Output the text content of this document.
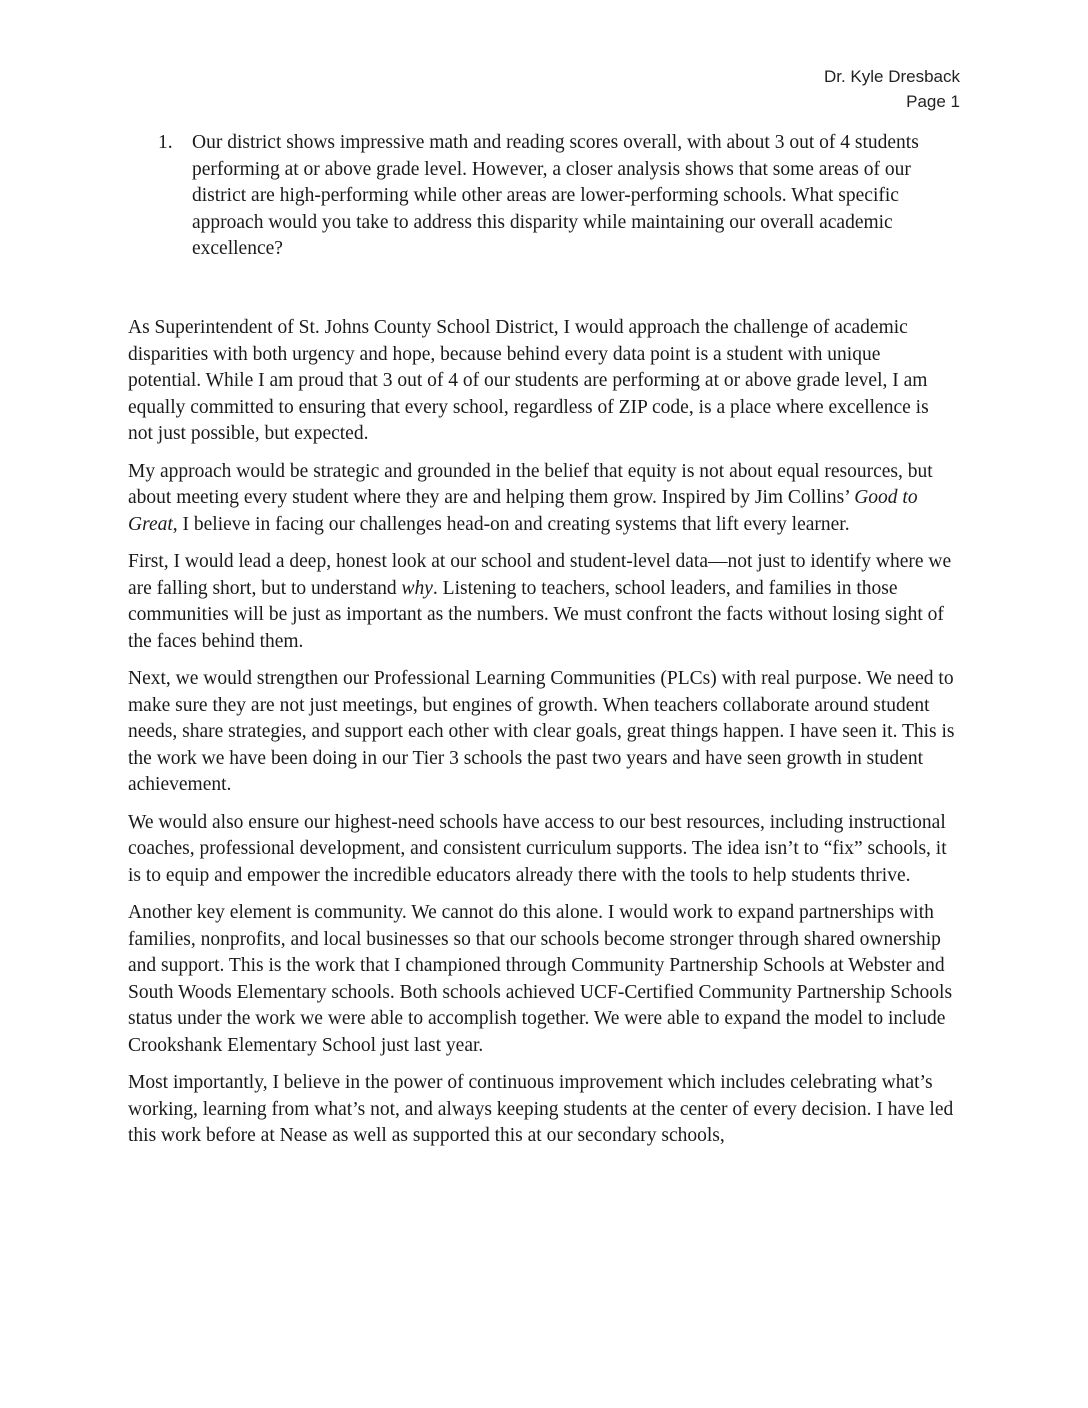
Dr. Kyle Dresback
Page 1
1. Our district shows impressive math and reading scores overall, with about 3 out of 4 students performing at or above grade level. However, a closer analysis shows that some areas of our district are high-performing while other areas are lower-performing schools. What specific approach would you take to address this disparity while maintaining our overall academic excellence?

As Superintendent of St. Johns County School District, I would approach the challenge of academic disparities with both urgency and hope, because behind every data point is a student with unique potential. While I am proud that 3 out of 4 of our students are performing at or above grade level, I am equally committed to ensuring that every school, regardless of ZIP code, is a place where excellence is not just possible, but expected.

My approach would be strategic and grounded in the belief that equity is not about equal resources, but about meeting every student where they are and helping them grow. Inspired by Jim Collins’ Good to Great, I believe in facing our challenges head-on and creating systems that lift every learner.

First, I would lead a deep, honest look at our school and student-level data—not just to identify where we are falling short, but to understand why. Listening to teachers, school leaders, and families in those communities will be just as important as the numbers. We must confront the facts without losing sight of the faces behind them.

Next, we would strengthen our Professional Learning Communities (PLCs) with real purpose. We need to make sure they are not just meetings, but engines of growth. When teachers collaborate around student needs, share strategies, and support each other with clear goals, great things happen. I have seen it. This is the work we have been doing in our Tier 3 schools the past two years and have seen growth in student achievement.

We would also ensure our highest-need schools have access to our best resources, including instructional coaches, professional development, and consistent curriculum supports. The idea isn’t to “fix” schools, it is to equip and empower the incredible educators already there with the tools to help students thrive.

Another key element is community. We cannot do this alone. I would work to expand partnerships with families, nonprofits, and local businesses so that our schools become stronger through shared ownership and support. This is the work that I championed through Community Partnership Schools at Webster and South Woods Elementary schools. Both schools achieved UCF-Certified Community Partnership Schools status under the work we were able to accomplish together. We were able to expand the model to include Crookshank Elementary School just last year.

Most importantly, I believe in the power of continuous improvement which includes celebrating what’s working, learning from what’s not, and always keeping students at the center of every decision. I have led this work before at Nease as well as supported this at our secondary schools,
